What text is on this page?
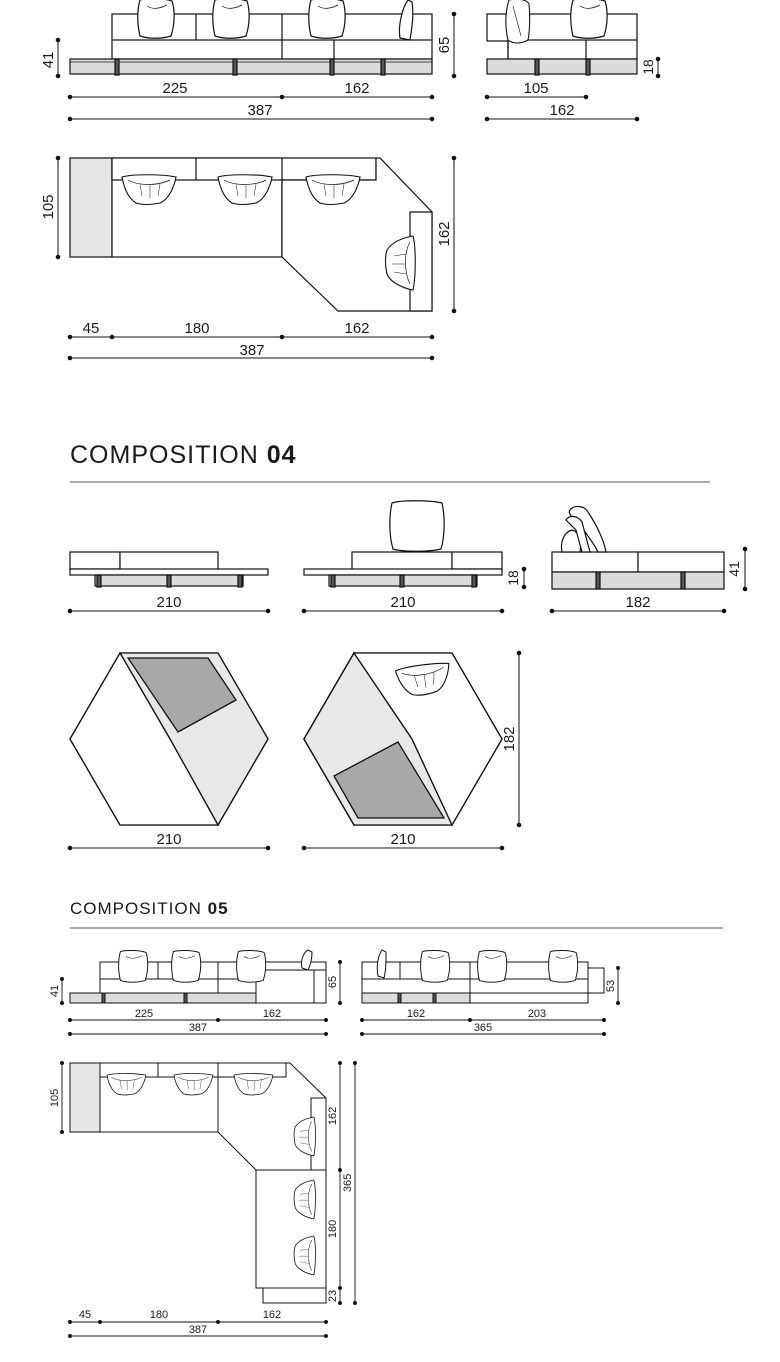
COMPOSITION 04
COMPOSITION 05
41
65
225	162
387
18
105
162
105
162
45	180	162
387
210	210	182
18
41
210	210
182
41
65
225	162
387
53
162	203
365
105
162
365
180
23
45	180	162
387
